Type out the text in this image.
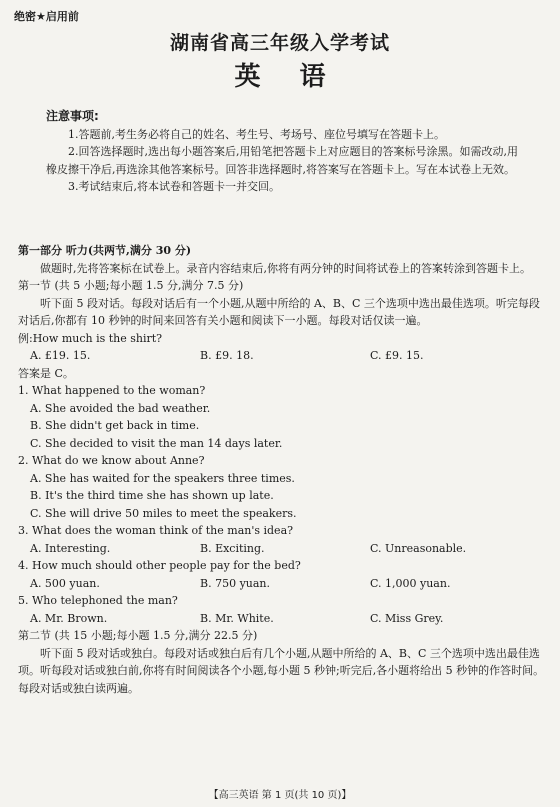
绝密★启用前
湖南省高三年级入学考试
英 语
注意事项:
1.答题前,考生务必将自己的姓名、考生号、考场号、座位号填写在答题卡上。
2.回答选择题时,选出每小题答案后,用铅笔把答题卡上对应题目的答案标号涂黑。如需改动,用橡皮擦干净后,再选涂其他答案标号。回答非选择题时,将答案写在答题卡上。写在本试卷上无效。
3.考试结束后,将本试卷和答题卡一并交回。
第一部分 听力(共两节,满分 30 分)
做题时,先将答案标在试卷上。录音内容结束后,你将有两分钟的时间将试卷上的答案转涂到答题卡上。
第一节 (共 5 小题;每小题 1.5 分,满分 7.5 分)
听下面 5 段对话。每段对话后有一个小题,从题中所给的 A、B、C 三个选项中选出最佳选项。听完每段对话后,你都有 10 秒钟的时间来回答有关小题和阅读下一小题。每段对话仅读一遍。
例:How much is the shirt?
A. £19. 15.	B. £9. 18.	C. £9. 15.
答案是 C。
1. What happened to the woman?
A. She avoided the bad weather.
B. She didn't get back in time.
C. She decided to visit the man 14 days later.
2. What do we know about Anne?
A. She has waited for the speakers three times.
B. It's the third time she has shown up late.
C. She will drive 50 miles to meet the speakers.
3. What does the woman think of the man's idea?
A. Interesting.	B. Exciting.	C. Unreasonable.
4. How much should other people pay for the bed?
A. 500 yuan.	B. 750 yuan.	C. 1,000 yuan.
5. Who telephoned the man?
A. Mr. Brown.	B. Mr. White.	C. Miss Grey.
第二节 (共 15 小题;每小题 1.5 分,满分 22.5 分)
听下面 5 段对话或独白。每段对话或独白后有几个小题,从题中所给的 A、B、C 三个选项中选出最佳选项。听每段对话或独白前,你将有时间阅读各个小题,每小题 5 秒钟;听完后,各小题将给出 5 秒钟的作答时间。每段对话或独白读两遍。
【高三英语 第 1 页(共 10 页)】
